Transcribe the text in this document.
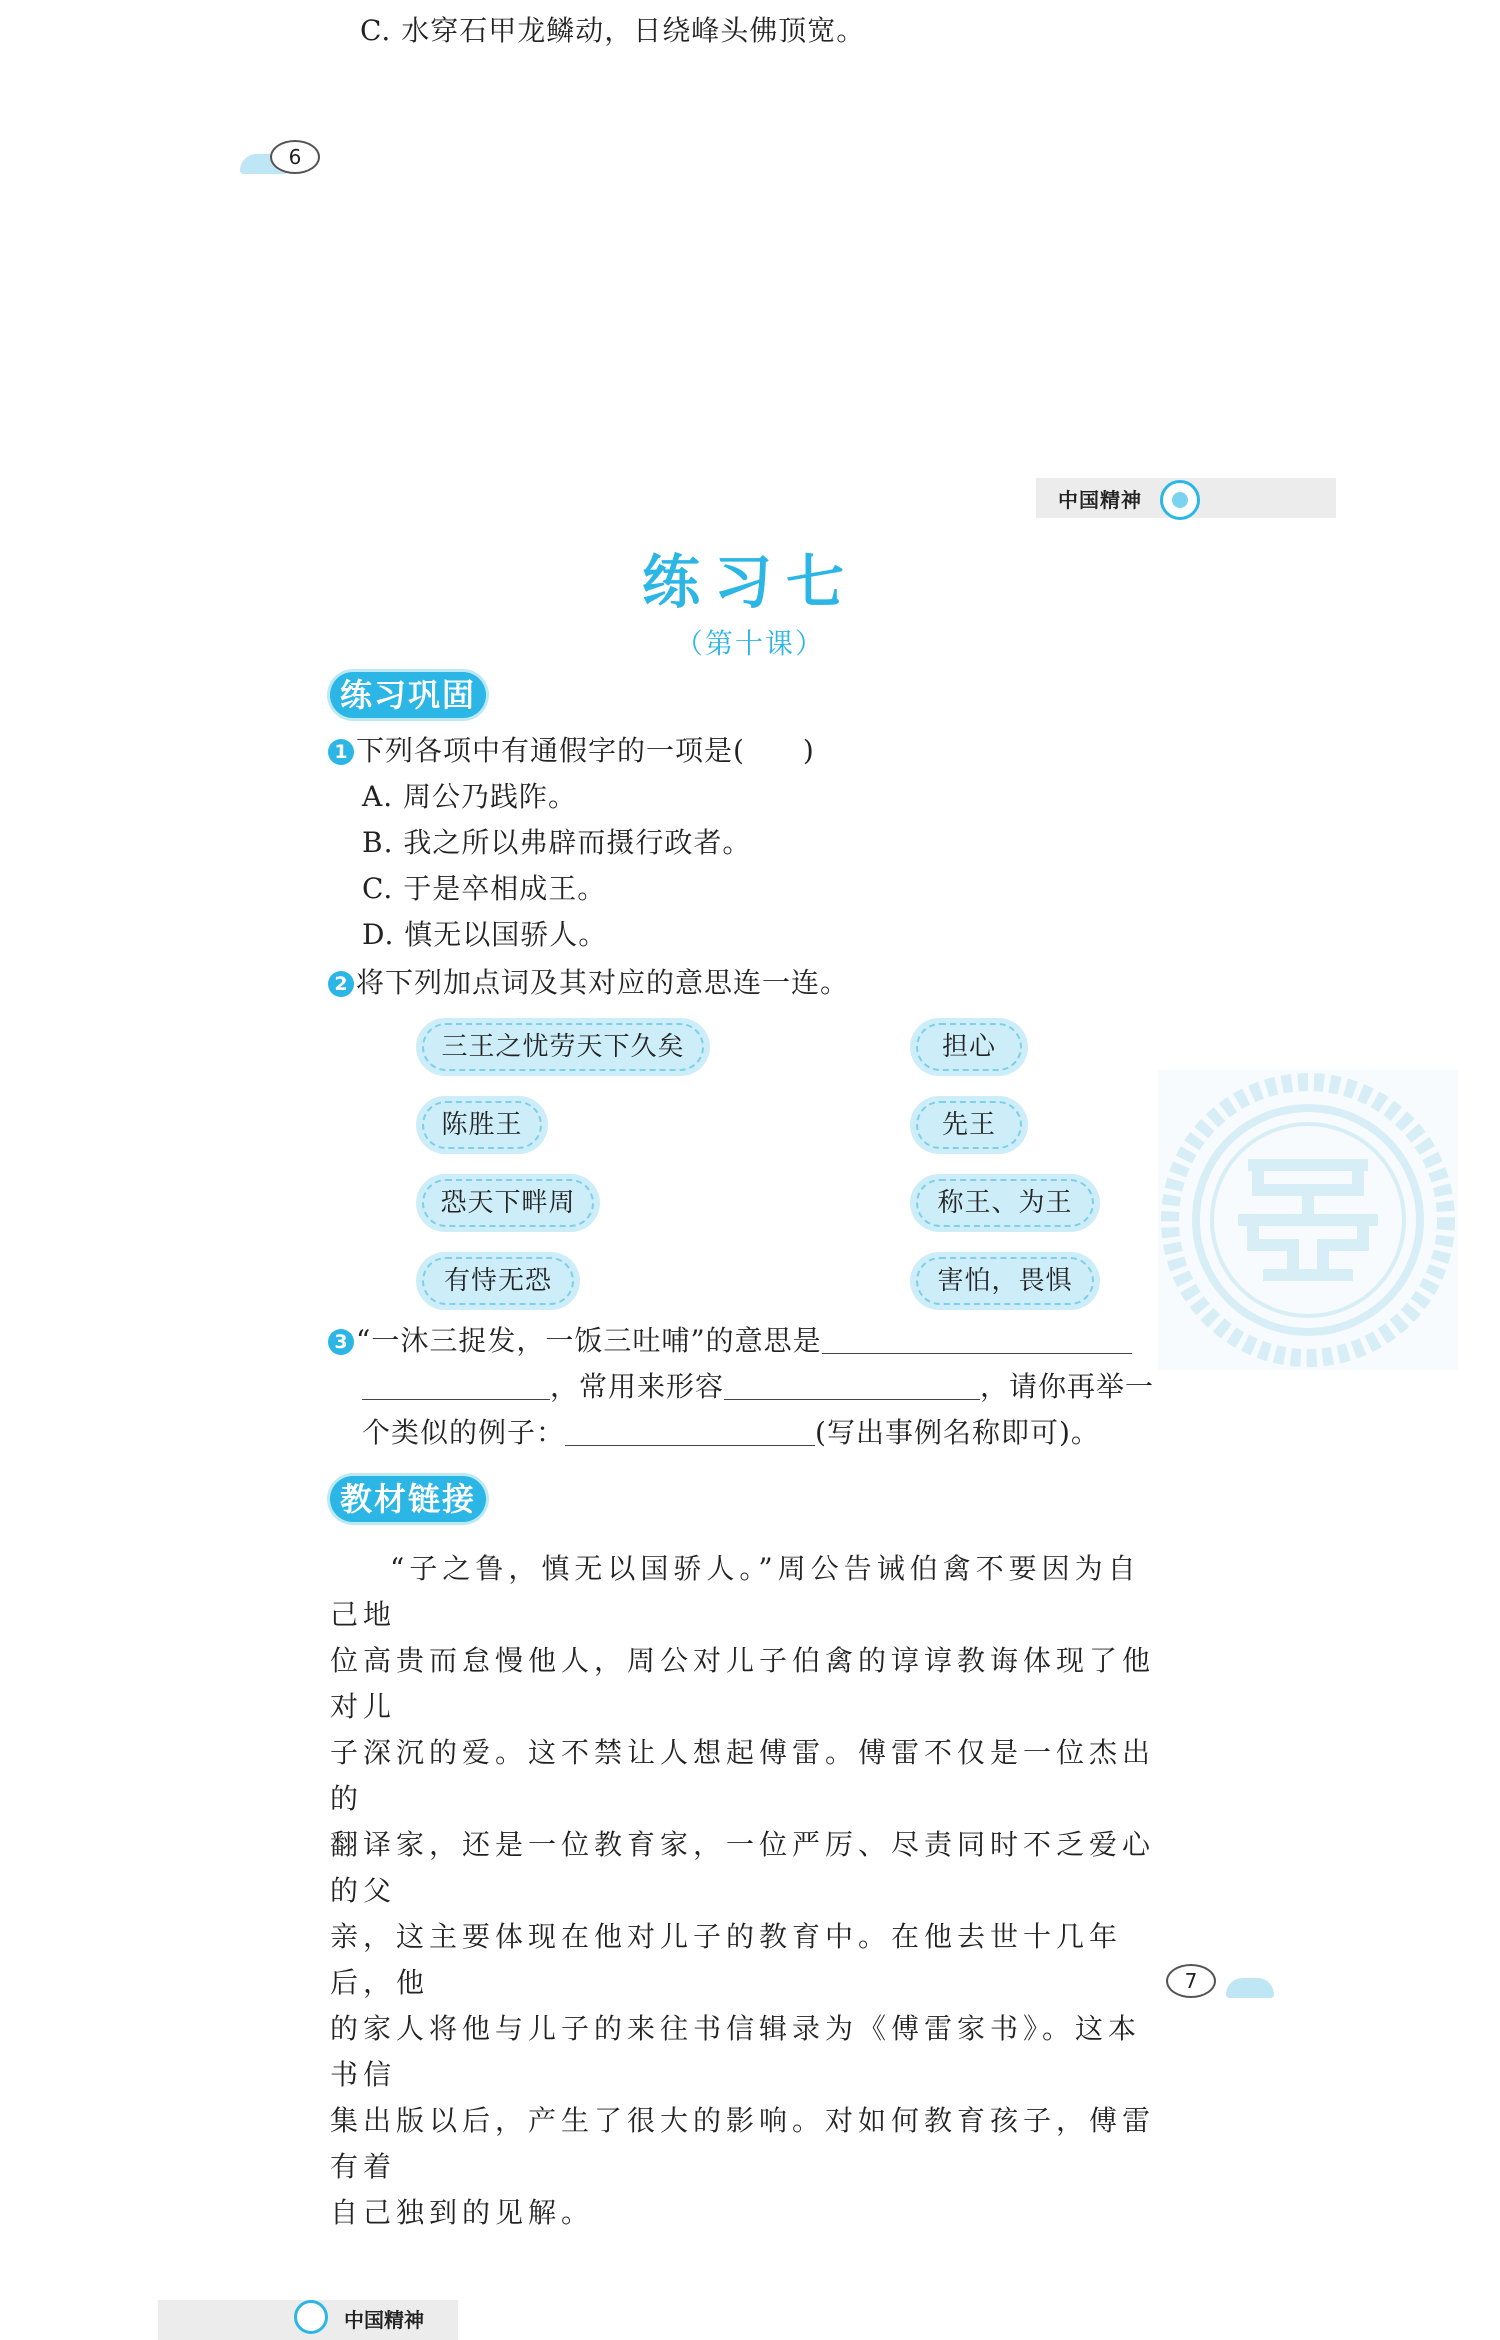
C. 水穿石甲龙鳞动，日绕峰头佛顶宽。
6
中国精神
练习七
（第十课）
练习巩固
1 下列各项中有通假字的一项是(　　)
A. 周公乃践阼。
B. 我之所以弗辟而摄行政者。
C. 于是卒相成王。
D. 慎无以国骄人。
2 将下列加点词及其对应的意思连一连。
三王之忧劳天下久矣
陈胜王
恐天下畔周
有恃无恐
担心
先王
称王、为王
害怕，畏惧
3 “一沐三捉发，一饭三吐哺”的意思是
，常用来形容	，请你再举一
个类似的例子：	(写出事例名称即可)。
教材链接

“子之鲁，慎无以国骄人。”周公告诫伯禽不要因为自己地

位高贵而怠慢他人，周公对儿子伯禽的谆谆教诲体现了他对儿

子深沉的爱。这不禁让人想起傅雷。傅雷不仅是一位杰出的

翻译家，还是一位教育家，一位严厉、尽责同时不乏爱心的父

亲，这主要体现在他对儿子的教育中。在他去世十几年后，他

的家人将他与儿子的来往书信辑录为《傅雷家书》。这本书信

集出版以后，产生了很大的影响。对如何教育孩子，傅雷有着

自己独到的见解。

7
中国精神
